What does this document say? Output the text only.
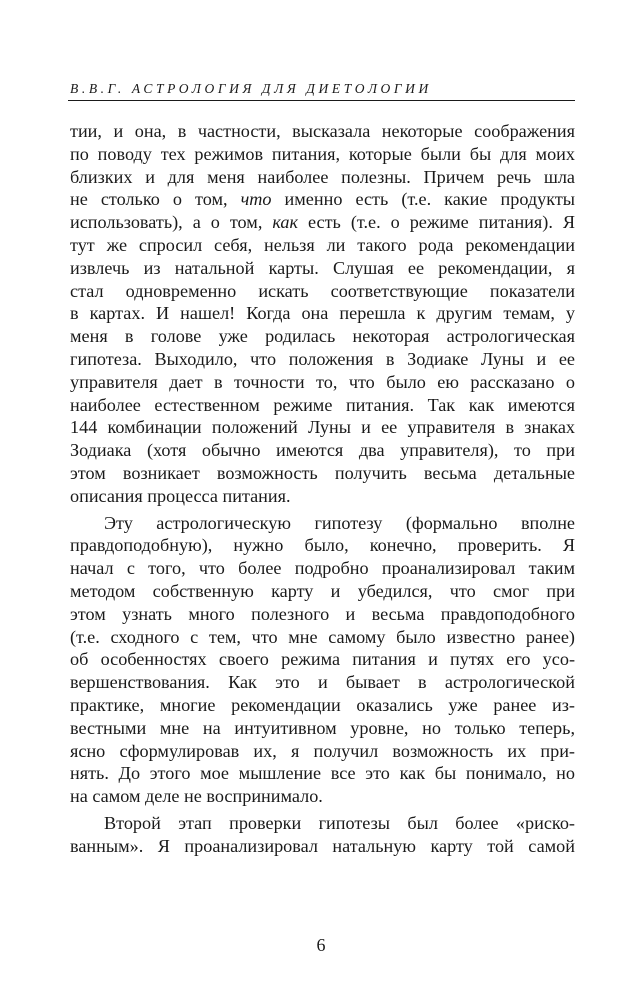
В.В.Г. АСТРОЛОГИЯ ДЛЯ ДИЕТОЛОГИИ
тии, и она, в частности, высказала некоторые соображения
по поводу тех режимов питания, которые были бы для моих
близких и для меня наиболее полезны. Причем речь шла
не столько о том, что именно есть (т.е. какие продукты
использовать), а о том, как есть (т.е. о режиме питания). Я
тут же спросил себя, нельзя ли такого рода рекомендации
извлечь из натальной карты. Слушая ее рекомендации, я
стал одновременно искать соответствующие показатели
в картах. И нашел! Когда она перешла к другим темам, у
меня в голове уже родилась некоторая астрологическая
гипотеза. Выходило, что положения в Зодиаке Луны и ее
управителя дает в точности то, что было ею рассказано о
наиболее естественном режиме питания. Так как имеются
144 комбинации положений Луны и ее управителя в знаках
Зодиака (хотя обычно имеются два управителя), то при
этом возникает возможность получить весьма детальные
описания процесса питания.
Эту астрологическую гипотезу (формально вполне
правдоподобную), нужно было, конечно, проверить. Я
начал с того, что более подробно проанализировал таким
методом собственную карту и убедился, что смог при
этом узнать много полезного и весьма правдоподобного
(т.е. сходного с тем, что мне самому было известно ранее)
об особенностях своего режима питания и путях его усо-
вершенствования. Как это и бывает в астрологической
практике, многие рекомендации оказались уже ранее из-
вестными мне на интуитивном уровне, но только теперь,
ясно сформулировав их, я получил возможность их при-
нять. До этого мое мышление все это как бы понимало, но
на самом деле не воспринимало.
Второй этап проверки гипотезы был более «риско-
ванным». Я проанализировал натальную карту той самой
6
